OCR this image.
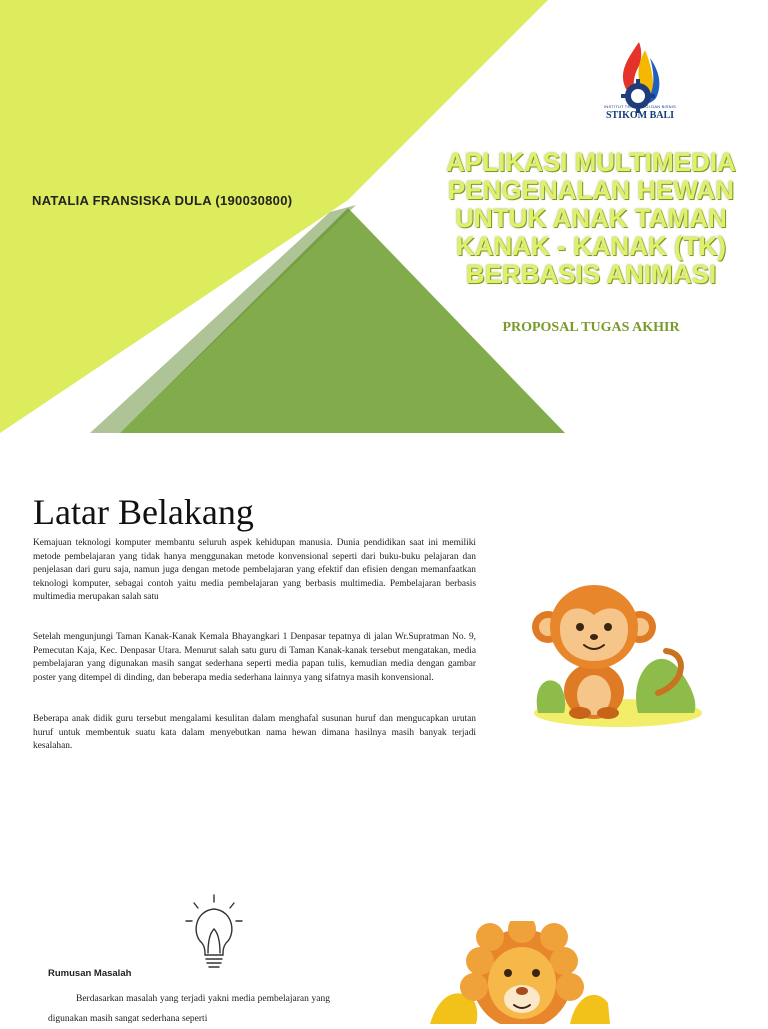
INSTITUT TEKNOLOGI DAN BISNIS
STIKOM BALI
NATALIA FRANSISKA DULA (190030800)
APLIKASI MULTIMEDIA PENGENALAN HEWAN UNTUK ANAK TAMAN KANAK - KANAK (TK) BERBASIS ANIMASI
PROPOSAL TUGAS AKHIR
Latar Belakang

Kemajuan teknologi komputer membantu seluruh aspek kehidupan manusia. Dunia pendidikan saat ini memiliki metode pembelajaran yang tidak hanya menggunakan metode konvensional seperti dari buku-buku pelajaran dan penjelasan dari guru saja, namun juga dengan metode pembelajaran yang efektif dan efisien dengan memanfaatkan teknologi komputer, sebagai contoh yaitu media pembelajaran yang berbasis multimedia. Pembelajaran berbasis multimedia merupakan salah satu

Setelah mengunjungi Taman Kanak-Kanak Kemala Bhayangkari 1 Denpasar tepatnya di jalan Wr.Supratman No. 9, Pemecutan Kaja, Kec. Denpasar Utara. Menurut salah satu guru di Taman Kanak-kanak tersebut mengatakan, media pembelajaran yang digunakan masih sangat sederhana seperti media papan tulis, kemudian media dengan gambar poster yang ditempel di dinding, dan beberapa media sederhana lainnya yang sifatnya masih konvensional.

Beberapa anak didik guru tersebut mengalami kesulitan dalam menghafal susunan huruf dan mengucapkan urutan huruf untuk membentuk suatu kata dalam menyebutkan nama hewan dimana hasilnya masih banyak terjadi kesalahan.

Rumusan Masalah

Berdasarkan masalah yang terjadi yakni media pembelajaran yang digunakan masih sangat sederhana seperti
